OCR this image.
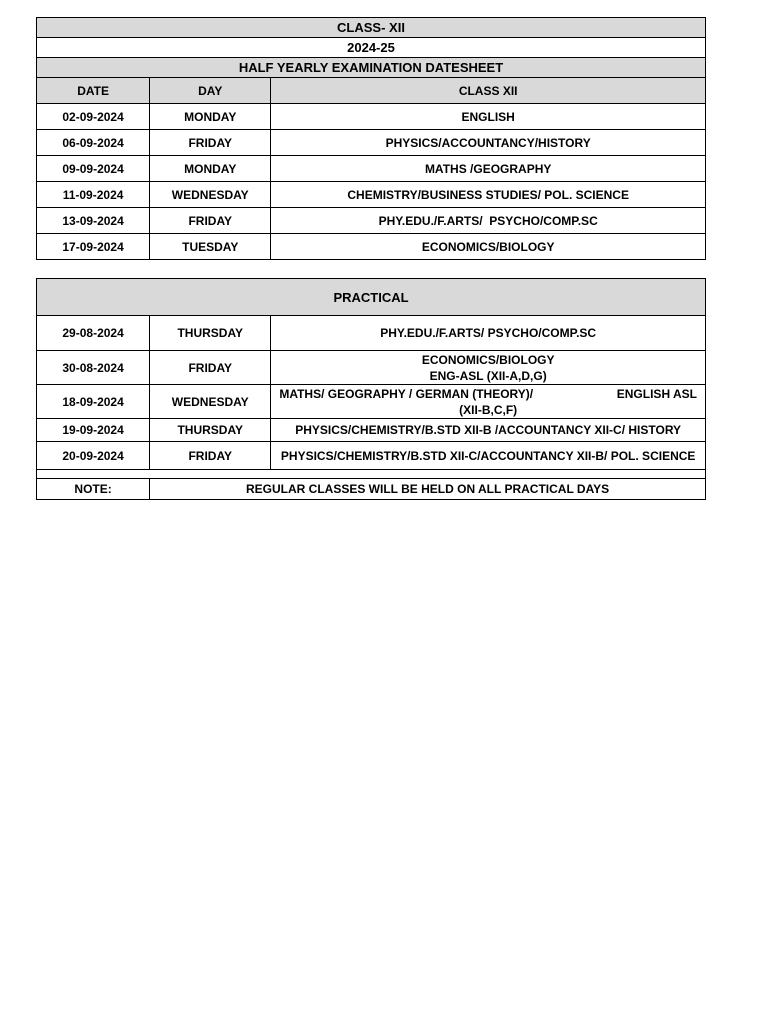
CLASS- XII		
2024-25		
HALF YEARLY EXAMINATION DATESHEET		
DATE	DAY	CLASS XII
02-09-2024	MONDAY	ENGLISH
06-09-2024	FRIDAY	PHYSICS/ACCOUNTANCY/HISTORY
09-09-2024	MONDAY	MATHS /GEOGRAPHY
11-09-2024	WEDNESDAY	CHEMISTRY/BUSINESS STUDIES/ POL. SCIENCE
13-09-2024	FRIDAY	PHY.EDU./F.ARTS/  PSYCHO/COMP.SC
17-09-2024	TUESDAY	ECONOMICS/BIOLOGY
PRACTICAL		
29-08-2024	THURSDAY	PHY.EDU./F.ARTS/ PSYCHO/COMP.SC
30-08-2024	FRIDAY	ECONOMICS/BIOLOGY
ENG-ASL (XII-A,D,G)

18-09-2024	WEDNESDAY	MATHS/ GEOGRAPHY / GERMAN (THEORY)/ ENGLISH ASL
(XII-B,C,F)

19-09-2024	THURSDAY	PHYSICS/CHEMISTRY/B.STD XII-B /ACCOUNTANCY XII-C/ HISTORY
20-09-2024	FRIDAY	PHYSICS/CHEMISTRY/B.STD XII-C/ACCOUNTANCY XII-B/ POL. SCIENCE

NOTE:	REGULAR CLASSES WILL BE HELD ON ALL PRACTICAL DAYS	
